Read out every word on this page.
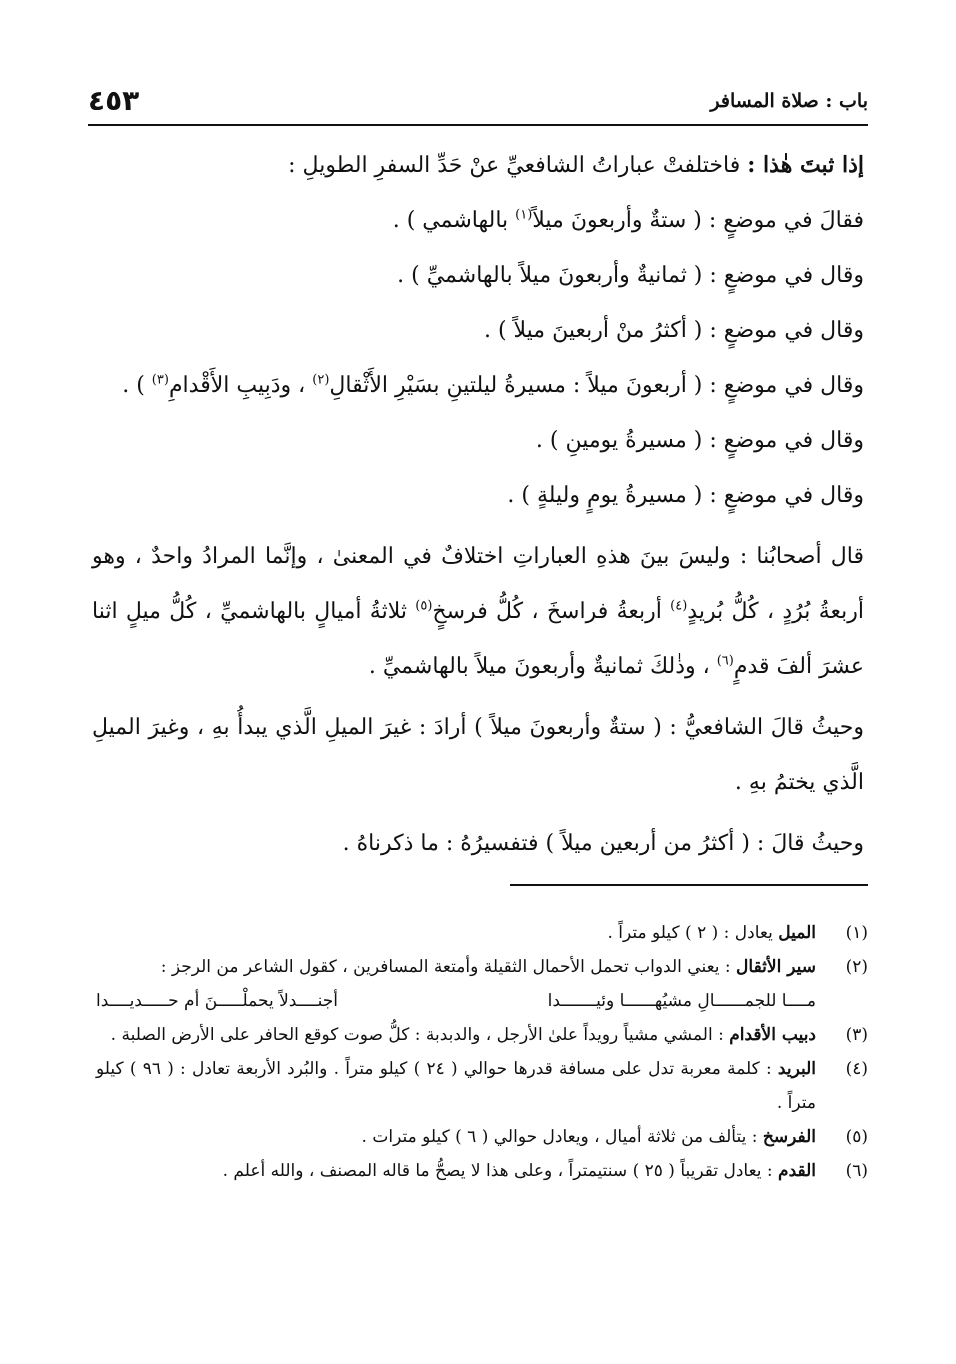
باب : صلاة المسافر
٤٥٣

إذا ثبتَ هٰذا : فاختلفتْ عباراتُ الشافعيِّ عنْ حَدِّ السفرِ الطويلِ :

فقالَ في موضعٍ : ( ستةٌ وأربعونَ ميلاً$^{(١)}$ بالهاشمي ) .

وقال في موضعٍ : ( ثمانيةٌ وأربعونَ ميلاً بالهاشميِّ ) .

وقال في موضعٍ : ( أكثرُ منْ أربعينَ ميلاً ) .

وقال في موضعٍ : ( أربعونَ ميلاً : مسيرةُ ليلتينِ بسَيْرِ الأَثْقالِ$^{(٢)}$ ، ودَبِيبِ الأَقْدامِ$^{(٣)}$ ) .

وقال في موضعٍ : ( مسيرةُ يومينِ ) .

وقال في موضعٍ : ( مسيرةُ يومٍ وليلةٍ ) .

قال أصحابُنا : وليسَ بينَ هذهِ العباراتِ اختلافٌ في المعنىٰ ، وإنَّما المرادُ واحدٌ ، وهو أربعةُ بُرُدٍ ، كُلُّ بُريدٍ$^{(٤)}$ أربعةُ فراسخَ ، كُلُّ فرسخٍ$^{(٥)}$ ثلاثةُ أميالٍ بالهاشميِّ ، كُلُّ ميلٍ اثنا عشرَ ألفَ قدمٍ$^{(٦)}$ ، وذٰلكَ ثمانيةٌ وأربعونَ ميلاً بالهاشميِّ .

وحيثُ قالَ الشافعيُّ : ( ستةٌ وأربعونَ ميلاً ) أرادَ : غيرَ الميلِ الَّذي يبدأُ بهِ ، وغيرَ الميلِ الَّذي يختمُ بهِ .

وحيثُ قالَ : ( أكثرُ من أربعين ميلاً ) فتفسيرُهُ : ما ذكرناهُ .

(١)
الميل يعادل : ( ٢ ) كيلو متراً .
(٢)
سير الأثقال : يعني الدواب تحمل الأحمال الثقيلة وأمتعة المسافرين ، كقول الشاعر من الرجز :
مــــا للجمــــــالِ مشيُهــــــا وئيـــــــدا
أجنــــدلاً يحملْـــــنَ أم حـــــديــــدا
(٣)
دبيب الأقدام : المشي مشياً رويداً علىٰ الأرجل ، والدبدبة : كلُّ صوت كوقع الحافر على الأرض الصلبة .
(٤)
البريد : كلمة معربة تدل على مسافة قدرها حوالي ( ٢٤ ) كيلو متراً . والبُرد الأربعة تعادل : ( ٩٦ ) كيلو متراً .
(٥)
الفرسخ : يتألف من ثلاثة أميال ، ويعادل حوالي ( ٦ ) كيلو مترات .
(٦)
القدم : يعادل تقريباً ( ٢٥ ) سنتيمتراً ، وعلى هذا لا يصحُّ ما قاله المصنف ، والله أعلم .
